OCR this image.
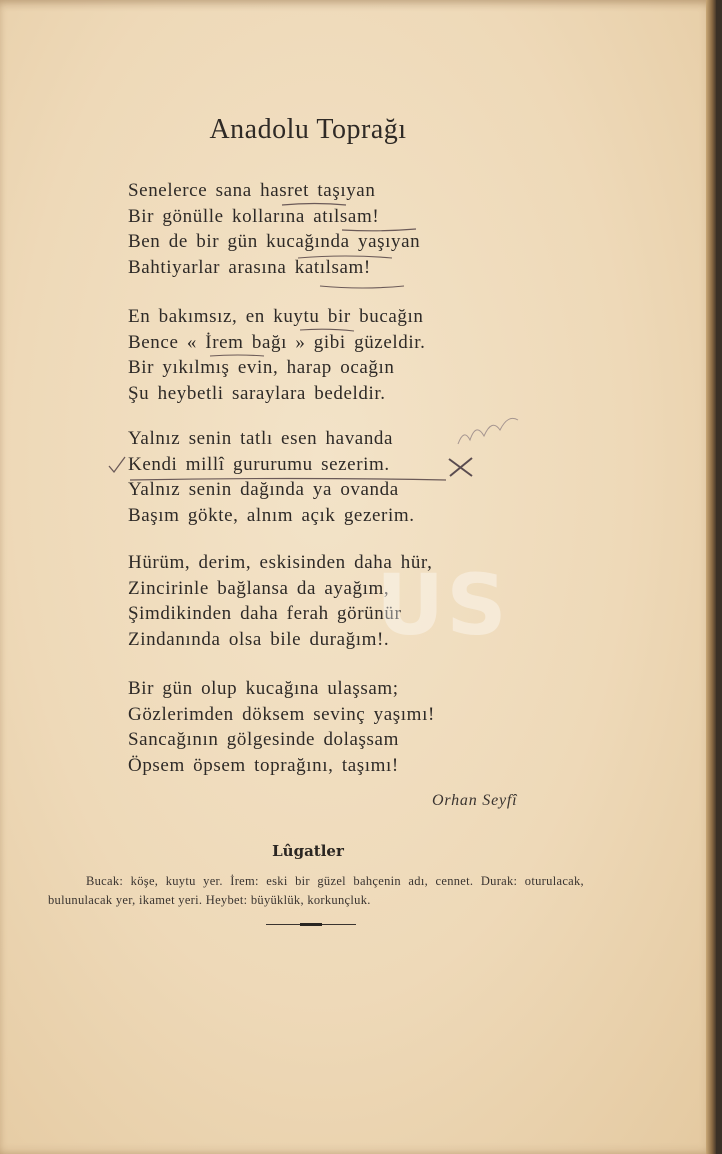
Anadolu Toprağı
Senelerce sana hasret taşıyan
Bir gönülle kollarına atılsam!
Ben de bir gün kucağında yaşıyan
Bahtiyarlar arasına katılsam!
En bakımsız, en kuytu bir bucağın
Bence « İrem bağı » gibi güzeldir.
Bir yıkılmış evin, harap ocağın
Şu heybetli saraylara bedeldir.
Yalnız senin tatlı esen havanda
Kendi millî gururumu sezerim.
Yalnız senin dağında ya ovanda
Başım gökte, alnım açık gezerim.
Hürüm, derim, eskisinden daha hür,
Zincirinle bağlansa da ayağım,
Şimdikinden daha ferah görünür
Zindanında olsa bile durağım!.
Bir gün olup kucağına ulaşsam;
Gözlerimden döksem sevinç yaşımı!
Sancağının gölgesinde dolaşsam
Öpsem öpsem toprağını, taşımı!
Orhan Seyfî
Lûgatler
Bucak: köşe, kuytu yer. İrem: eski bir güzel bahçenin adı, cennet. Durak: oturulacak, bulunulacak yer, ikamet yeri. Heybet: büyüklük, korkunçluk.
US
